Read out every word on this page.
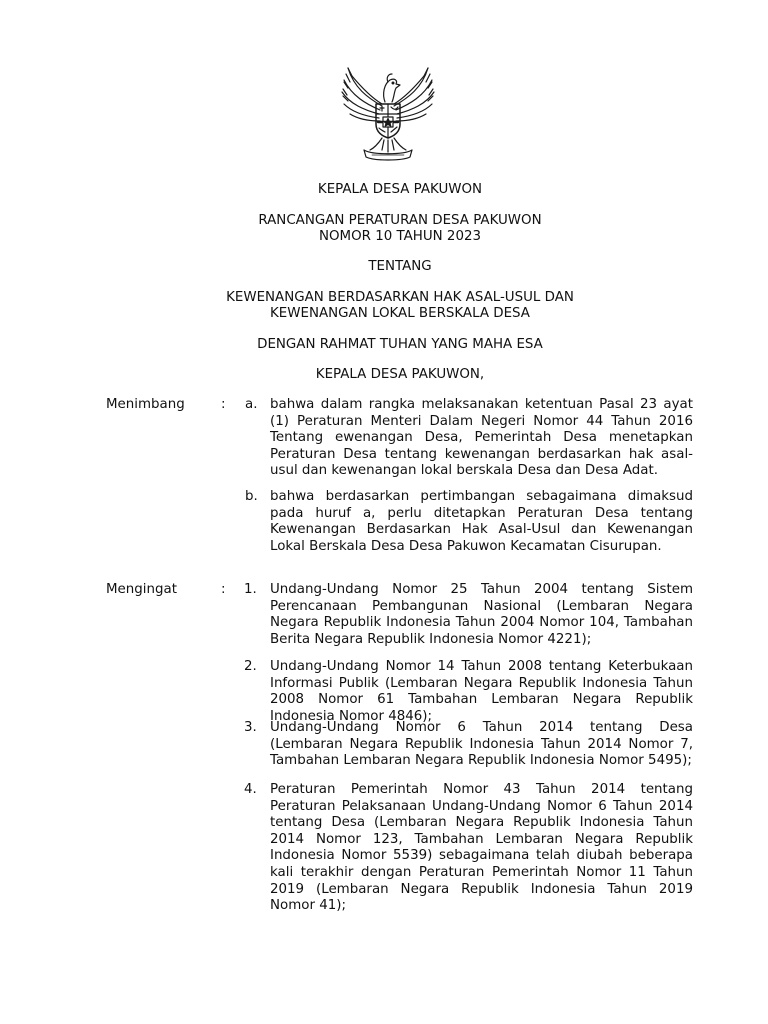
KEPALA DESA PAKUWON
RANCANGAN PERATURAN DESA PAKUWON
NOMOR 10 TAHUN 2023
TENTANG
KEWENANGAN BERDASARKAN HAK ASAL-USUL DAN
KEWENANGAN LOKAL BERSKALA DESA
DENGAN RAHMAT TUHAN YANG MAHA ESA
KEPALA DESA PAKUWON,
Menimbang	: a. bahwa dalam rangka melaksanakan ketentuan Pasal 23 ayat (1) Peraturan Menteri Dalam Negeri Nomor 44 Tahun 2016 Tentang ewenangan Desa, Pemerintah Desa menetapkan Peraturan Desa tentang kewenangan berdasarkan hak asal-usul dan kewenangan lokal berskala Desa dan Desa Adat.
b. bahwa berdasarkan pertimbangan sebagaimana dimaksud pada huruf a, perlu ditetapkan Peraturan Desa tentang Kewenangan Berdasarkan Hak Asal-Usul dan Kewenangan Lokal Berskala Desa Desa Pakuwon Kecamatan Cisurupan.
Mengingat	: 1. Undang-Undang Nomor 25 Tahun 2004 tentang Sistem Perencanaan Pembangunan Nasional (Lembaran Negara Negara Republik Indonesia Tahun 2004 Nomor 104, Tambahan Berita Negara Republik Indonesia Nomor 4221);
2. Undang-Undang Nomor 14 Tahun 2008 tentang Keterbukaan Informasi Publik (Lembaran Negara Republik Indonesia Tahun 2008 Nomor 61 Tambahan Lembaran Negara Republik Indonesia Nomor 4846);
3. Undang-Undang Nomor 6 Tahun 2014 tentang Desa (Lembaran Negara Republik Indonesia Tahun 2014 Nomor 7, Tambahan Lembaran Negara Republik Indonesia Nomor 5495);
4. Peraturan Pemerintah Nomor 43 Tahun 2014 tentang Peraturan Pelaksanaan Undang-Undang Nomor 6 Tahun 2014 tentang Desa (Lembaran Negara Republik Indonesia Tahun 2014 Nomor 123, Tambahan Lembaran Negara Republik Indonesia Nomor 5539) sebagaimana telah diubah beberapa kali terakhir dengan Peraturan Pemerintah Nomor 11 Tahun 2019 (Lembaran Negara Republik Indonesia Tahun 2019 Nomor 41);
